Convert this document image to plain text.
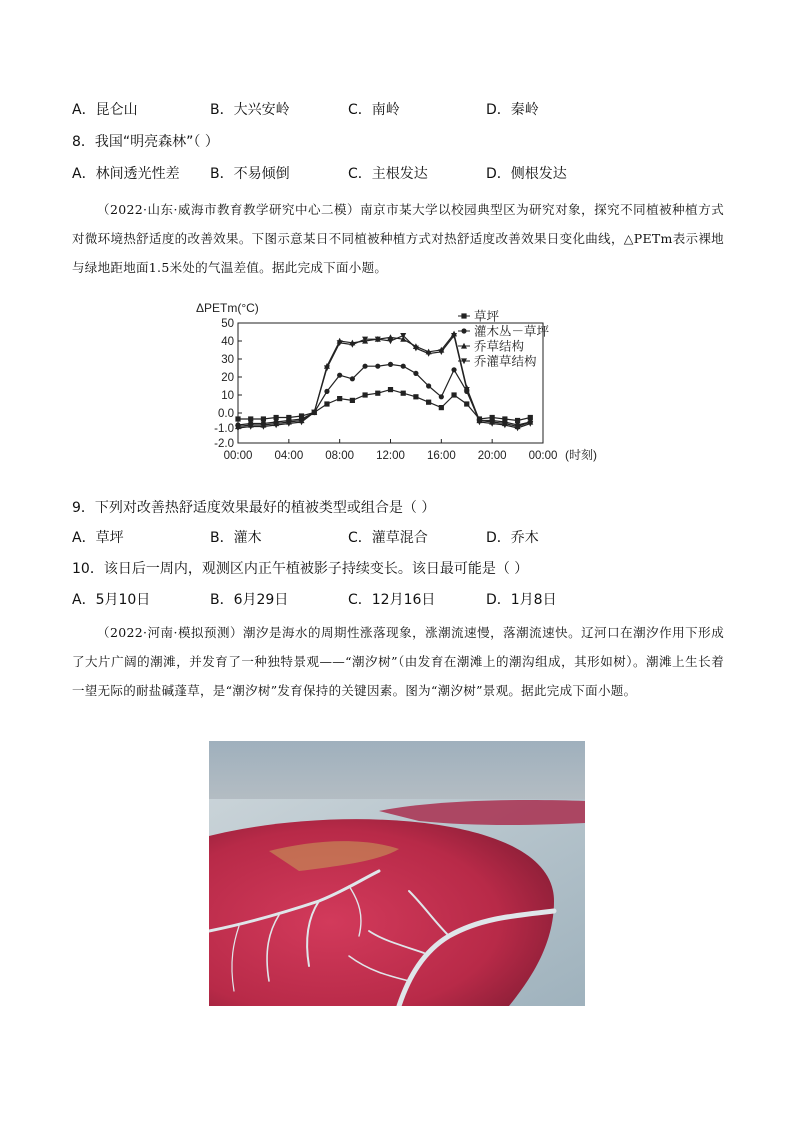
A．昆仑山	B．大兴安岭	C．南岭	D．秦岭
8．我国“明亮森林”（ ）
A．林间透光性差 B．不易倾倒	C．主根发达	D．侧根发达

（2022·山东·威海市教育教学研究中心二模）南京市某大学以校园典型区为研究对象，探究不同植被种植方式对微环境热舒适度的改善效果。下图示意某日不同植被种植方式对热舒适度改善效果日变化曲线，△PETm表示裸地与绿地距地面1.5米处的气温差值。据此完成下面小题。

50
40
30
20
10
0.0
-1.0
-2.0
00:00 04:00 08:00 12:00 16:00 20:00 00:00
ΔPETm(°C)
(时刻)
草坪
灌木丛－草坪
乔草结构
乔灌草结构
9．下列对改善热舒适度效果最好的植被类型或组合是（ ）
A．草坪	B．灌木	C．灌草混合	D．乔木
10．该日后一周内，观测区内正午植被影子持续变长。该日最可能是（ ）
A．5月10日	B．6月29日	C．12月16日	D．1月8日

（2022·河南·模拟预测）潮汐是海水的周期性涨落现象，涨潮流速慢，落潮流速快。辽河口在潮汐作用下形成了大片广阔的潮滩，并发育了一种独特景观——“潮汐树”（由发育在潮滩上的潮沟组成，其形如树）。潮滩上生长着一望无际的耐盐碱蓬草，是“潮汐树”发育保持的关键因素。图为“潮汐树”景观。据此完成下面小题。
